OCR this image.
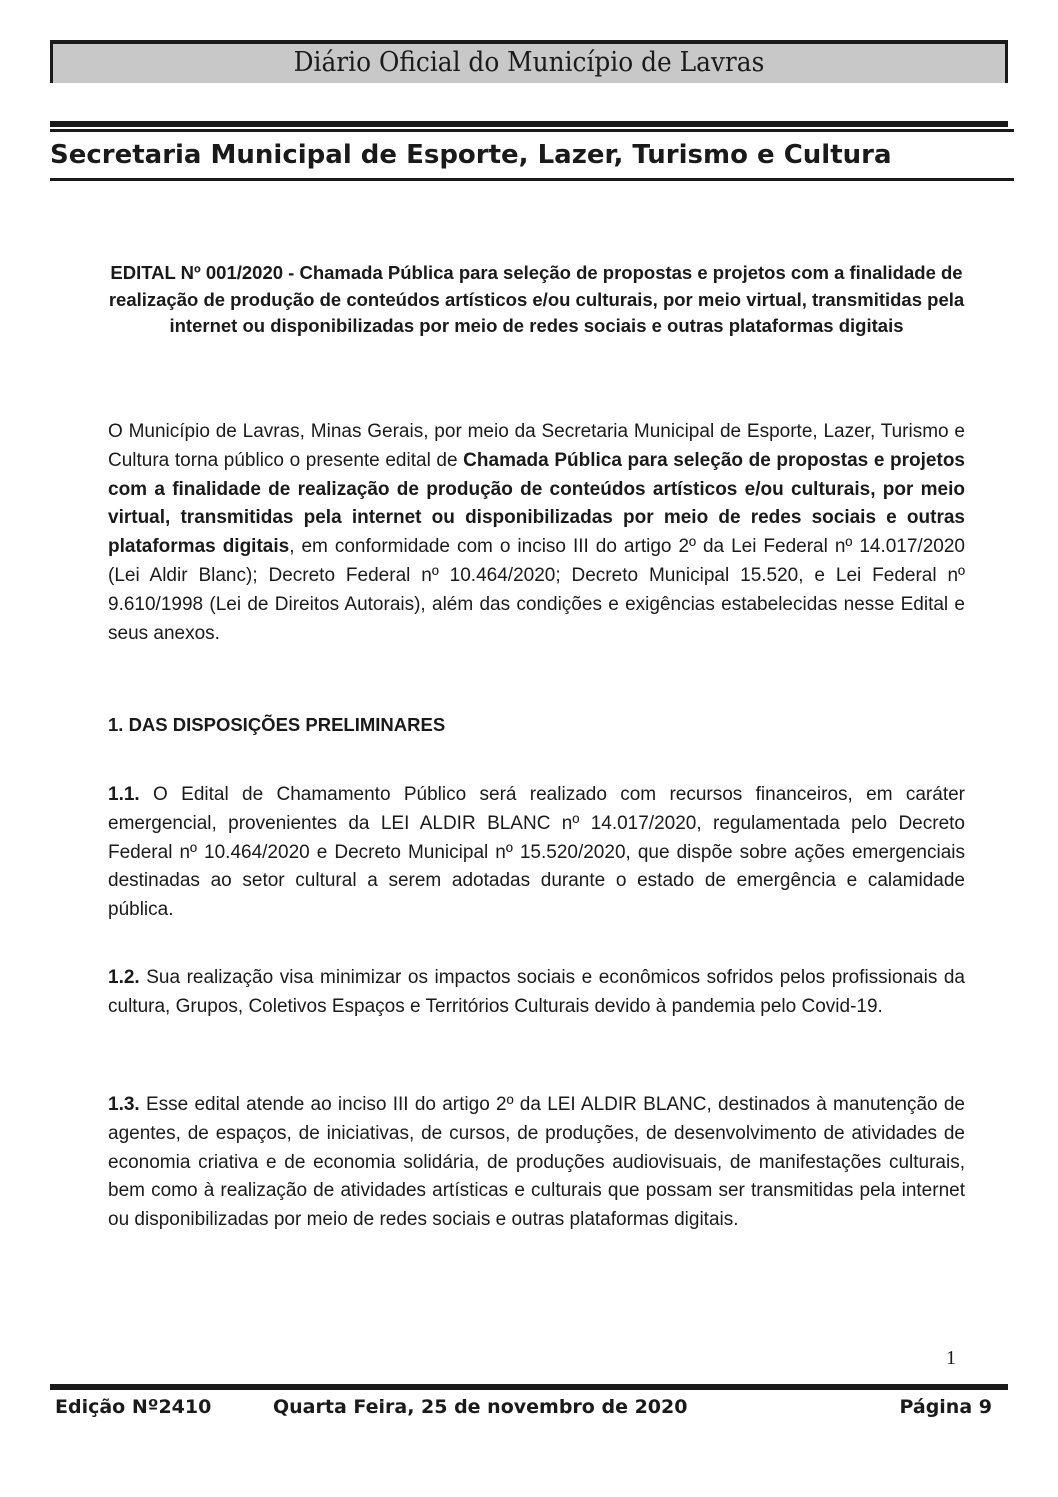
Diário Oficial do Município de Lavras
Secretaria Municipal de Esporte, Lazer, Turismo e Cultura
EDITAL Nº 001/2020 - Chamada Pública para seleção de propostas e projetos com a finalidade de realização de produção de conteúdos artísticos e/ou culturais, por meio virtual, transmitidas pela internet ou disponibilizadas por meio de redes sociais e outras plataformas digitais
O Município de Lavras, Minas Gerais, por meio da Secretaria Municipal de Esporte, Lazer, Turismo e Cultura torna público o presente edital de Chamada Pública para seleção de propostas e projetos com a finalidade de realização de produção de conteúdos artísticos e/ou culturais, por meio virtual, transmitidas pela internet ou disponibilizadas por meio de redes sociais e outras plataformas digitais, em conformidade com o inciso III do artigo 2º da Lei Federal nº 14.017/2020 (Lei Aldir Blanc); Decreto Federal nº 10.464/2020; Decreto Municipal 15.520, e Lei Federal nº 9.610/1998 (Lei de Direitos Autorais), além das condições e exigências estabelecidas nesse Edital e seus anexos.
1. DAS DISPOSIÇÕES PRELIMINARES
1.1. O Edital de Chamamento Público será realizado com recursos financeiros, em caráter emergencial, provenientes da LEI ALDIR BLANC nº 14.017/2020, regulamentada pelo Decreto Federal nº 10.464/2020 e Decreto Municipal nº 15.520/2020, que dispõe sobre ações emergenciais destinadas ao setor cultural a serem adotadas durante o estado de emergência e calamidade pública.
1.2. Sua realização visa minimizar os impactos sociais e econômicos sofridos pelos profissionais da cultura, Grupos, Coletivos Espaços e Territórios Culturais devido à pandemia pelo Covid-19.
1.3. Esse edital atende ao inciso III do artigo 2º da LEI ALDIR BLANC, destinados à manutenção de agentes, de espaços, de iniciativas, de cursos, de produções, de desenvolvimento de atividades de economia criativa e de economia solidária, de produções audiovisuais, de manifestações culturais, bem como à realização de atividades artísticas e culturais que possam ser transmitidas pela internet ou disponibilizadas por meio de redes sociais e outras plataformas digitais.
1
Edição Nº2410	Quarta Feira, 25 de novembro de 2020	Página 9
